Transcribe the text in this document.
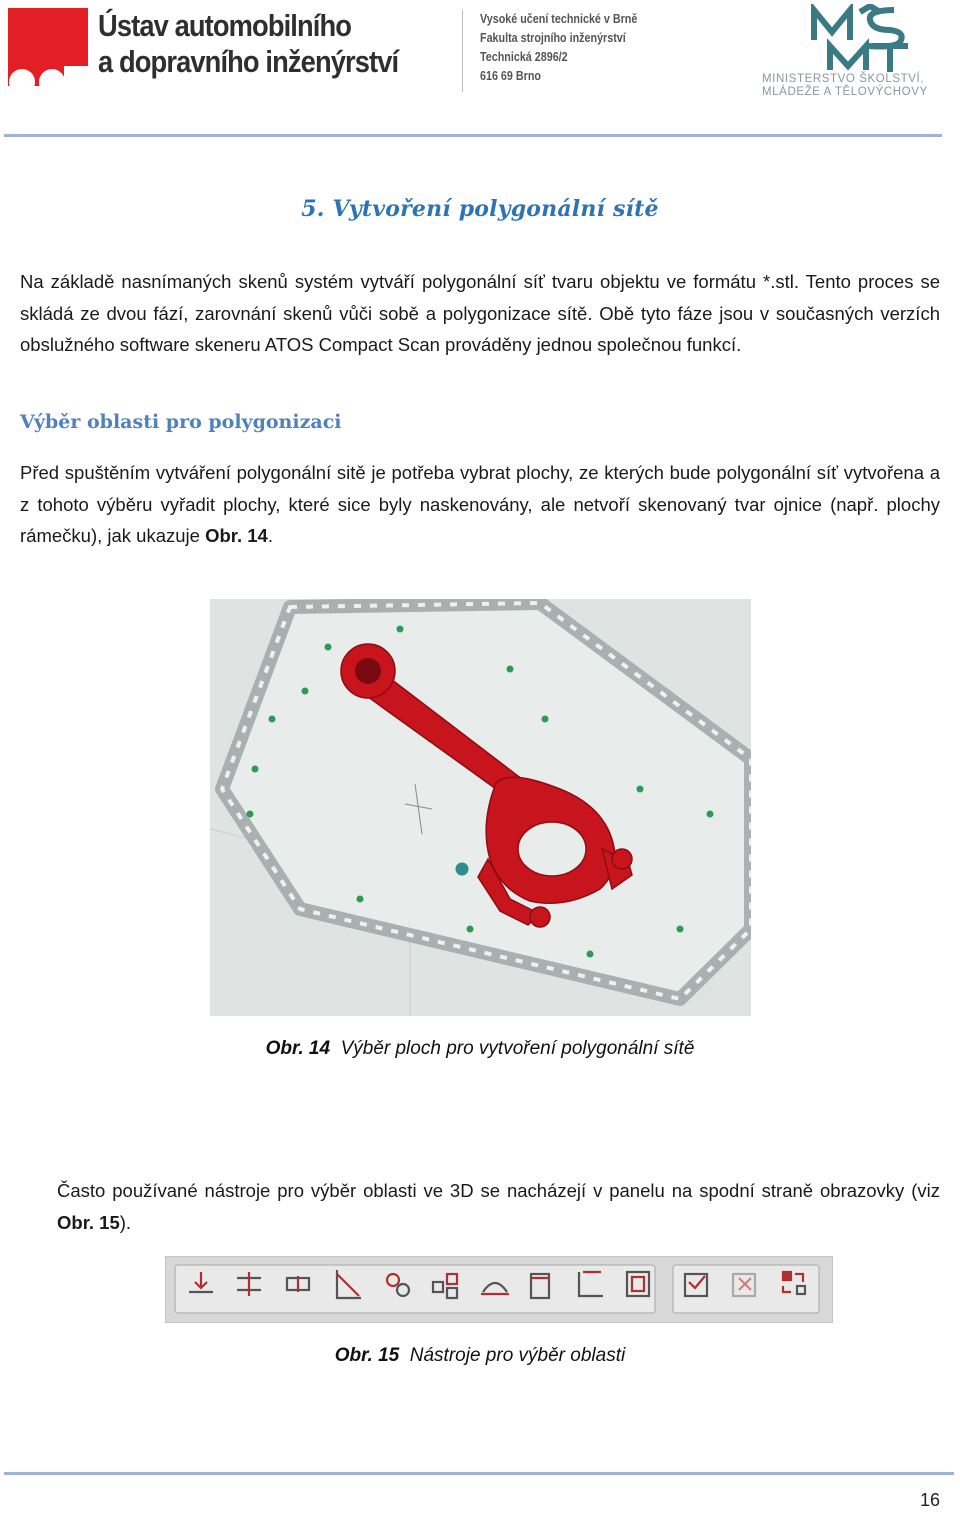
Ústav automobilního
a dopravního inženýrství
Vysoké učení technické v Brně
Fakulta strojního inženýrství
Technická 2896/2
616 69 Brno	MINISTERSTVO ŠKOLSTVÍ,
MLÁDEŽE A TĚLOVÝCHOVY
5. Vytvoření polygonální sítě
Na základě nasnímaných skenů systém vytváří polygonální síť tvaru objektu ve formátu *.stl. Tento proces se skládá ze dvou fází, zarovnání skenů vůči sobě a polygonizace sítě. Obě tyto fáze jsou v současných verzích obslužného software skeneru ATOS Compact Scan prováděny jednou společnou funkcí.
Výběr oblasti pro polygonizaci
Před spuštěním vytváření polygonální sitě je potřeba vybrat plochy, ze kterých bude polygonální síť vytvořena a z tohoto výběru vyřadit plochy, které sice byly naskenovány, ale netvoří skenovaný tvar ojnice (např. plochy rámečku), jak ukazuje Obr. 14.
Obr. 14 Výběr ploch pro vytvoření polygonální sítě
Často používané nástroje pro výběr oblasti ve 3D se nacházejí v panelu na spodní straně obrazovky (viz Obr. 15).
Obr. 15 Nástroje pro výběr oblasti
16
